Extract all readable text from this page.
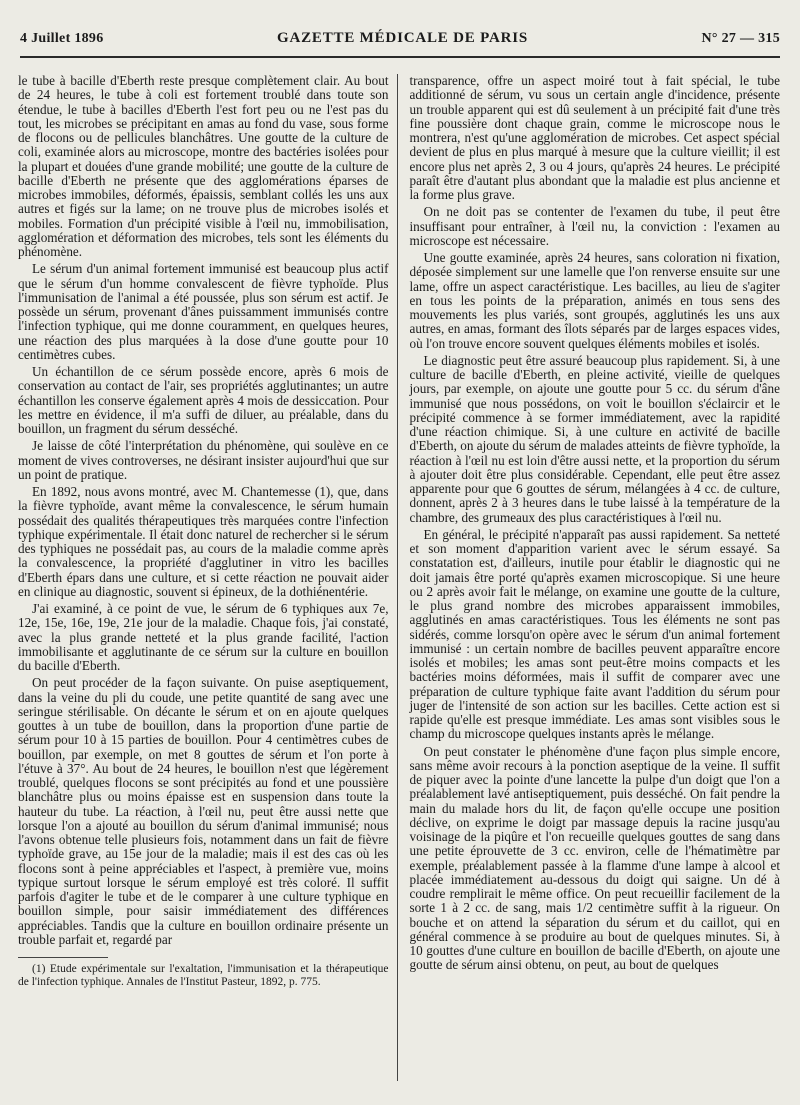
4 Juillet 1896	GAZETTE MÉDICALE DE PARIS	N° 27 — 315

le tube à bacille d'Eberth reste presque complètement clair. Au bout de 24 heures, le tube à coli est fortement troublé dans toute son étendue, le tube à bacilles d'Eberth l'est fort peu ou ne l'est pas du tout, les microbes se précipitant en amas au fond du vase, sous forme de flocons ou de pellicules blanchâtres. Une goutte de la culture de coli, examinée alors au microscope, montre des bactéries isolées pour la plupart et douées d'une grande mobilité; une goutte de la culture de bacille d'Eberth ne présente que des agglomérations éparses de microbes immobiles, déformés, épaissis, semblant collés les uns aux autres et figés sur la lame; on ne trouve plus de microbes isolés et mobiles. Formation d'un précipité visible à l'œil nu, immobilisation, agglomération et déformation des microbes, tels sont les éléments du phénomène.

Le sérum d'un animal fortement immunisé est beaucoup plus actif que le sérum d'un homme convalescent de fièvre typhoïde. Plus l'immunisation de l'animal a été poussée, plus son sérum est actif. Je possède un sérum, provenant d'ânes puissamment immunisés contre l'infection typhique, qui me donne couramment, en quelques heures, une réaction des plus marquées à la dose d'une goutte pour 10 centimètres cubes.

Un échantillon de ce sérum possède encore, après 6 mois de conservation au contact de l'air, ses propriétés agglutinantes; un autre échantillon les conserve également après 4 mois de dessiccation. Pour les mettre en évidence, il m'a suffi de diluer, au préalable, dans du bouillon, un fragment du sérum desséché.

Je laisse de côté l'interprétation du phénomène, qui soulève en ce moment de vives controverses, ne désirant insister aujourd'hui que sur un point de pratique.

En 1892, nous avons montré, avec M. Chantemesse (1), que, dans la fièvre typhoïde, avant même la convalescence, le sérum humain possédait des qualités thérapeutiques très marquées contre l'infection typhique expérimentale. Il était donc naturel de rechercher si le sérum des typhiques ne possédait pas, au cours de la maladie comme après la convalescence, la propriété d'agglutiner in vitro les bacilles d'Eberth épars dans une culture, et si cette réaction ne pouvait aider en clinique au diagnostic, souvent si épineux, de la dothiénentérie.

J'ai examiné, à ce point de vue, le sérum de 6 typhiques aux 7e, 12e, 15e, 16e, 19e, 21e jour de la maladie. Chaque fois, j'ai constaté, avec la plus grande netteté et la plus grande facilité, l'action immobilisante et agglutinante de ce sérum sur la culture en bouillon du bacille d'Eberth.

On peut procéder de la façon suivante. On puise aseptiquement, dans la veine du pli du coude, une petite quantité de sang avec une seringue stérilisable. On décante le sérum et on en ajoute quelques gouttes à un tube de bouillon, dans la proportion d'une partie de sérum pour 10 à 15 parties de bouillon. Pour 4 centimètres cubes de bouillon, par exemple, on met 8 gouttes de sérum et l'on porte à l'étuve à 37°. Au bout de 24 heures, le bouillon n'est que légèrement troublé, quelques flocons se sont précipités au fond et une poussière blanchâtre plus ou moins épaisse est en suspension dans toute la hauteur du tube. La réaction, à l'œil nu, peut être aussi nette que lorsque l'on a ajouté au bouillon du sérum d'animal immunisé; nous l'avons obtenue telle plusieurs fois, notamment dans un fait de fièvre typhoïde grave, au 15e jour de la maladie; mais il est des cas où les flocons sont à peine appréciables et l'aspect, à première vue, moins typique surtout lorsque le sérum employé est très coloré. Il suffit parfois d'agiter le tube et de le comparer à une culture typhique en bouillon simple, pour saisir immédiatement des différences appréciables. Tandis que la culture en bouillon ordinaire présente un trouble parfait et, regardé par

(1) Etude expérimentale sur l'exaltation, l'immunisation et la thérapeutique de l'infection typhique. Annales de l'Institut Pasteur, 1892, p. 775.

transparence, offre un aspect moiré tout à fait spécial, le tube additionné de sérum, vu sous un certain angle d'incidence, présente un trouble apparent qui est dû seulement à un précipité fait d'une très fine poussière dont chaque grain, comme le microscope nous le montrera, n'est qu'une agglomération de microbes. Cet aspect spécial devient de plus en plus marqué à mesure que la culture vieillit; il est encore plus net après 2, 3 ou 4 jours, qu'après 24 heures. Le précipité paraît être d'autant plus abondant que la maladie est plus ancienne et la forme plus grave.

On ne doit pas se contenter de l'examen du tube, il peut être insuffisant pour entraîner, à l'œil nu, la conviction : l'examen au microscope est nécessaire.

Une goutte examinée, après 24 heures, sans coloration ni fixation, déposée simplement sur une lamelle que l'on renverse ensuite sur une lame, offre un aspect caractéristique. Les bacilles, au lieu de s'agiter en tous les points de la préparation, animés en tous sens des mouvements les plus variés, sont groupés, agglutinés les uns aux autres, en amas, formant des îlots séparés par de larges espaces vides, où l'on trouve encore souvent quelques éléments mobiles et isolés.

Le diagnostic peut être assuré beaucoup plus rapidement. Si, à une culture de bacille d'Eberth, en pleine activité, vieille de quelques jours, par exemple, on ajoute une goutte pour 5 cc. du sérum d'âne immunisé que nous possédons, on voit le bouillon s'éclaircir et le précipité commence à se former immédiatement, avec la rapidité d'une réaction chimique. Si, à une culture en activité de bacille d'Eberth, on ajoute du sérum de malades atteints de fièvre typhoïde, la réaction à l'œil nu est loin d'être aussi nette, et la proportion du sérum à ajouter doit être plus considérable. Cependant, elle peut être assez apparente pour que 6 gouttes de sérum, mélangées à 4 cc. de culture, donnent, après 2 à 3 heures dans le tube laissé à la température de la chambre, des grumeaux des plus caractéristiques à l'œil nu.

En général, le précipité n'apparaît pas aussi rapidement. Sa netteté et son moment d'apparition varient avec le sérum essayé. Sa constatation est, d'ailleurs, inutile pour établir le diagnostic qui ne doit jamais être porté qu'après examen microscopique. Si une heure ou 2 après avoir fait le mélange, on examine une goutte de la culture, le plus grand nombre des microbes apparaissent immobiles, agglutinés en amas caractéristiques. Tous les éléments ne sont pas sidérés, comme lorsqu'on opère avec le sérum d'un animal fortement immunisé : un certain nombre de bacilles peuvent apparaître encore isolés et mobiles; les amas sont peut-être moins compacts et les bactéries moins déformées, mais il suffit de comparer avec une préparation de culture typhique faite avant l'addition du sérum pour juger de l'intensité de son action sur les bacilles. Cette action est si rapide qu'elle est presque immédiate. Les amas sont visibles sous le champ du microscope quelques instants après le mélange.

On peut constater le phénomène d'une façon plus simple encore, sans même avoir recours à la ponction aseptique de la veine. Il suffit de piquer avec la pointe d'une lancette la pulpe d'un doigt que l'on a préalablement lavé antiseptiquement, puis desséché. On fait pendre la main du malade hors du lit, de façon qu'elle occupe une position déclive, on exprime le doigt par massage depuis la racine jusqu'au voisinage de la piqûre et l'on recueille quelques gouttes de sang dans une petite éprouvette de 3 cc. environ, celle de l'hématimètre par exemple, préalablement passée à la flamme d'une lampe à alcool et placée immédiatement au-dessous du doigt qui saigne. Un dé à coudre remplirait le même office. On peut recueillir facilement de la sorte 1 à 2 cc. de sang, mais 1/2 centimètre suffit à la rigueur. On bouche et on attend la séparation du sérum et du caillot, qui en général commence à se produire au bout de quelques minutes. Si, à 10 gouttes d'une culture en bouillon de bacille d'Eberth, on ajoute une goutte de sérum ainsi obtenu, on peut, au bout de quelques
